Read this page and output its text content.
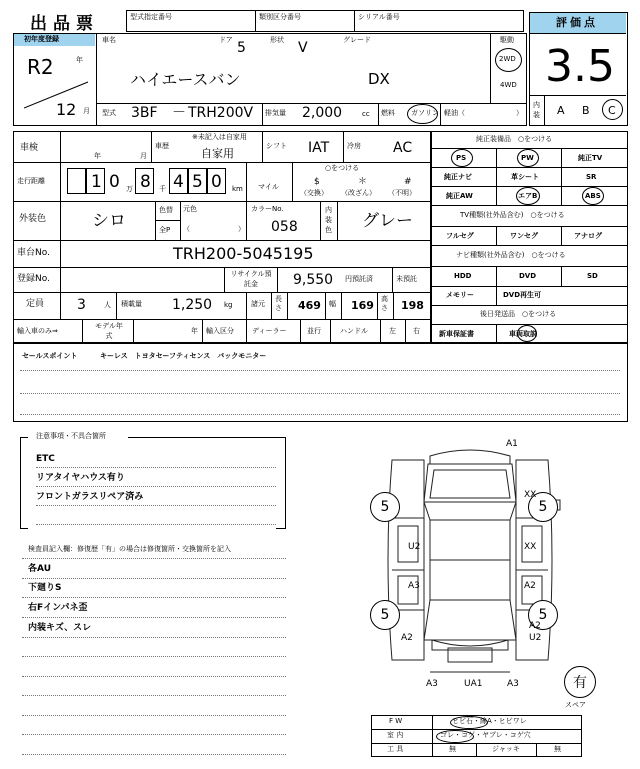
出品票	型式指定番号	類別区分番号	シリアル番号	評価点
3.5
内装 A B C
初年度登録
R2	年
12 月
車名	ドア 5	形状 V	グレード
ハイエースバン	DX
駆動
2WD
4WD
型式 3BF － TRH200V 排気量 2,000	cc 燃料 ガソリン 軽油（	）
車検
年	月
車歴
※未記入は自家用
自家用
シフト IAT	冷房 AC
走行距離	1 0 万 8 千 4 5 0 km マイル
○をつける
$
（交換）
＊
（改ざん）
#
（不明）
外装色	シロ
色替
全P
元色
（	）
カラーNo.
058
内装色 グレー
車台No.	TRH200-5045195
登録No.	リサイクル預託金	9,550 円預託済	未預託
定員 3	人 積載量 1,250 kg	諸元
長さ 469 幅 169 高さ 198
輸入車のみ⇒
モデル年式
年 輸入区分	ディーラー	並行	ハンドル	左 右
純正装備品　○をつける
PS	PW	純正TV
純正ナビ	革シート	SR
純正AW	エアB	ABS
TV種類(社外品含む)　○をつける
フルセグ	ワンセグ	アナログ
ナビ種類(社外品含む)　○をつける
HDD	DVD	SD
メモリー	DVD再生可
後日発送品　○をつける
新車保証書	車両取説
セールスポイント	キーレス　トヨタセーフティセンス　バックモニター
注意事項・不具合箇所
ETC
リアタイヤハウス有り
フロントガラスリペア済み
検査員記入欄：修復歴「有」の場合は修復箇所・交換箇所を記入
各AU
下廻りS
右Fインパネ歪
内装キズ、スレ
5	5
5	5
A1
XX
U2	XX
A3	A2
A2
A2
U2
A3	UA1	A3	有
スペア
F W	ヒビ石・線A・ヒビワレ
室 内	ゴレ・コゲ・ヤブレ・コゲ穴
工 具	無	ジャッキ	無
